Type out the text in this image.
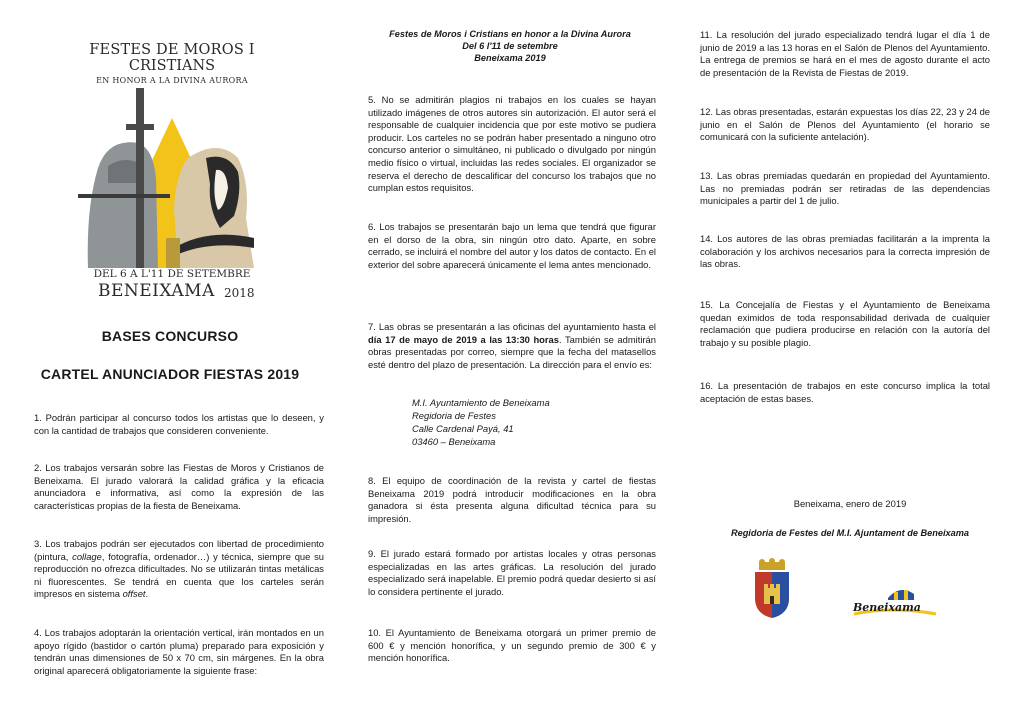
FESTES DE MOROS I
CRISTIANS
EN HONOR A LA DIVINA AURORA
DEL 6 A L'11 DE SETEMBRE
BENEIXAMA 2018
BASES CONCURSO
CARTEL ANUNCIADOR FIESTAS 2019

1. Podrán participar al concurso todos los artistas que lo deseen, y con la cantidad de trabajos que consideren conveniente.

2. Los trabajos versarán sobre las Fiestas de Moros y Cristianos de Beneixama. El jurado valorará la calidad gráfica y la eficacia anunciadora e informativa, así como la expresión de las características propias de la fiesta de Beneixama.

3. Los trabajos podrán ser ejecutados con libertad de procedimiento (pintura, collage, fotografía, ordenador…) y técnica, siempre que su reproducción no ofrezca dificultades. No se utilizarán tintas metálicas ni fluorescentes. Se tendrá en cuenta que los carteles serán impresos en sistema offset.

4. Los trabajos adoptarán la orientación vertical, irán montados en un apoyo rígido (bastidor o cartón pluma) preparado para exposición y tendrán unas dimensiones de 50 x 70 cm, sin márgenes. En la obra original aparecerá obligatoriamente la siguiente frase:

Festes de Moros i Cristians en honor a la Divina Aurora
Del 6 l'11 de setembre
Beneixama 2019

5. No se admitirán plagios ni trabajos en los cuales se hayan utilizado imágenes de otros autores sin autorización. El autor será el responsable de cualquier incidencia que por este motivo se pudiera producir. Los carteles no se podrán haber presentado a ninguno otro concurso anterior o simultáneo, ni publicado o divulgado por ningún medio físico o virtual, incluidas las redes sociales. El organizador se reserva el derecho de descalificar del concurso los trabajos que no cumplan estos requisitos.

6. Los trabajos se presentarán bajo un lema que tendrá que figurar en el dorso de la obra, sin ningún otro dato. Aparte, en sobre cerrado, se incluirá el nombre del autor y los datos de contacto. En el exterior del sobre aparecerá únicamente el lema antes mencionado.

7. Las obras se presentarán a las oficinas del ayuntamiento hasta el día 17 de mayo de 2019 a las 13:30 horas. También se admitirán obras presentadas por correo, siempre que la fecha del matasellos esté dentro del plazo de presentación. La dirección para el envío es:

M.I. Ayuntamiento de Beneixama
Regidoria de Festes
Calle Cardenal Payá, 41
03460 – Beneixama

8. El equipo de coordinación de la revista y cartel de fiestas Beneixama 2019 podrá introducir modificaciones en la obra ganadora si ésta presenta alguna dificultad técnica para su impresión.

9. El jurado estará formado por artistas locales y otras personas especializadas en las artes gráficas. La resolución del jurado especializado será inapelable. El premio podrá quedar desierto si así lo considera pertinente el jurado.

10. El Ayuntamiento de Beneixama otorgará un primer premio de 600 € y mención honorífica, y un segundo premio de 300 € y mención honorífica.

11. La resolución del jurado especializado tendrá lugar el día 1 de junio de 2019 a las 13 horas en el Salón de Plenos del Ayuntamiento. La entrega de premios se hará en el mes de agosto durante el acto de presentación de la Revista de Fiestas de 2019.

12. Las obras presentadas, estarán expuestas los días 22, 23 y 24 de junio en el Salón de Plenos del Ayuntamiento (el horario se comunicará con la suficiente antelación).

13. Las obras premiadas quedarán en propiedad del Ayuntamiento. Las no premiadas podrán ser retiradas de las dependencias municipales a partir del 1 de julio.

14. Los autores de las obras premiadas facilitarán a la imprenta la colaboración y los archivos necesarios para la correcta impresión de las obras.

15. La Concejalía de Fiestas y el Ayuntamiento de Beneixama quedan eximidos de toda responsabilidad derivada de cualquier reclamación que pudiera producirse en relación con la autoría del trabajo y su posible plagio.

16. La presentación de trabajos en este concurso implica la total aceptación de estas bases.

Beneixama, enero de 2019
Regidoria de Festes del M.I. Ajuntament de Beneixama
Beneixama
